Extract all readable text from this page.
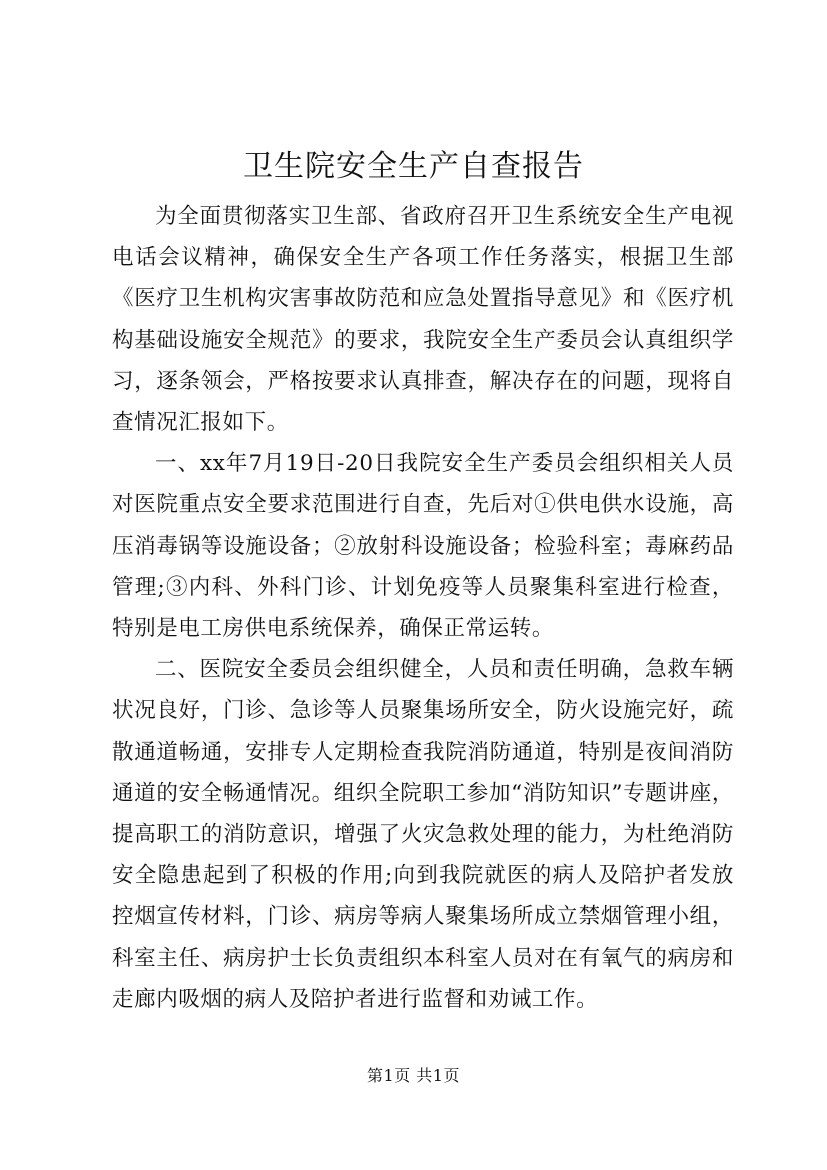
卫生院安全生产自查报告

为全面贯彻落实卫生部、省政府召开卫生系统安全生产电视电话会议精神，确保安全生产各项工作任务落实，根据卫生部《医疗卫生机构灾害事故防范和应急处置指导意见》和《医疗机构基础设施安全规范》的要求，我院安全生产委员会认真组织学习，逐条领会，严格按要求认真排查，解决存在的问题，现将自查情况汇报如下。

一、xx年7月19日-20日我院安全生产委员会组织相关人员对医院重点安全要求范围进行自查，先后对①供电供水设施，高压消毒锅等设施设备；②放射科设施设备；检验科室；毒麻药品管理;③内科、外科门诊、计划免疫等人员聚集科室进行检查，特别是电工房供电系统保养，确保正常运转。

二、医院安全委员会组织健全，人员和责任明确，急救车辆状况良好，门诊、急诊等人员聚集场所安全，防火设施完好，疏散通道畅通，安排专人定期检查我院消防通道，特别是夜间消防通道的安全畅通情况。组织全院职工参加“消防知识”专题讲座，提高职工的消防意识，增强了火灾急救处理的能力，为杜绝消防安全隐患起到了积极的作用;向到我院就医的病人及陪护者发放控烟宣传材料，门诊、病房等病人聚集场所成立禁烟管理小组，科室主任、病房护士长负责组织本科室人员对在有氧气的病房和走廊内吸烟的病人及陪护者进行监督和劝诫工作。

第1页 共1页
